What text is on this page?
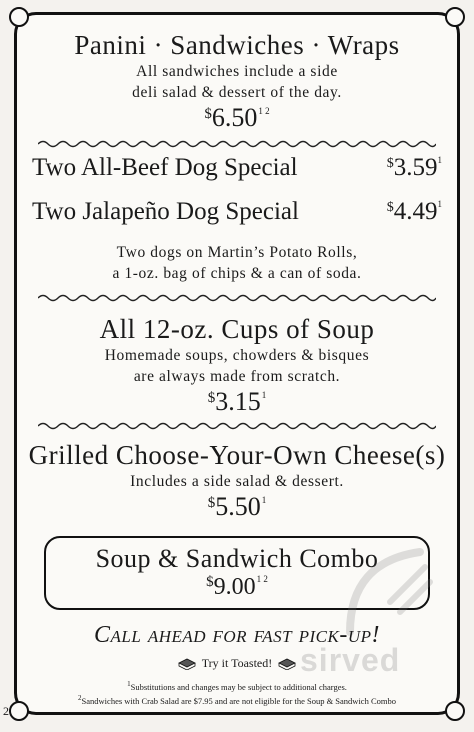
Panini · Sandwiches · Wraps
All sandwiches include a side
deli salad & dessert of the day.
$^{\$}6.50^{1 2}$
Two All-Beef Dog Special	$3.59$^1$
Two Jalapeño Dog Special	$4.49$^1$
Two dogs on Martin’s Potato Rolls,
a 1-oz. bag of chips & a can of soda.
All 12-oz. Cups of Soup
Homemade soups, chowders & bisques
are always made from scratch.
$3.15$^1$
Grilled Choose-Your-Own Cheese(s)
Includes a side salad & dessert.
$5.50$^1$
Soup & Sandwich Combo
$^{\$}9.00^{1 2}$
sirved
Call ahead for fast pick-up!
Try it Toasted!
$^1$Substitutions and changes may be subject to additional charges.
$^2$Sandwiches with Crab Salad are $7.95 and are not eligible for the Soup & Sandwich Combo
2
